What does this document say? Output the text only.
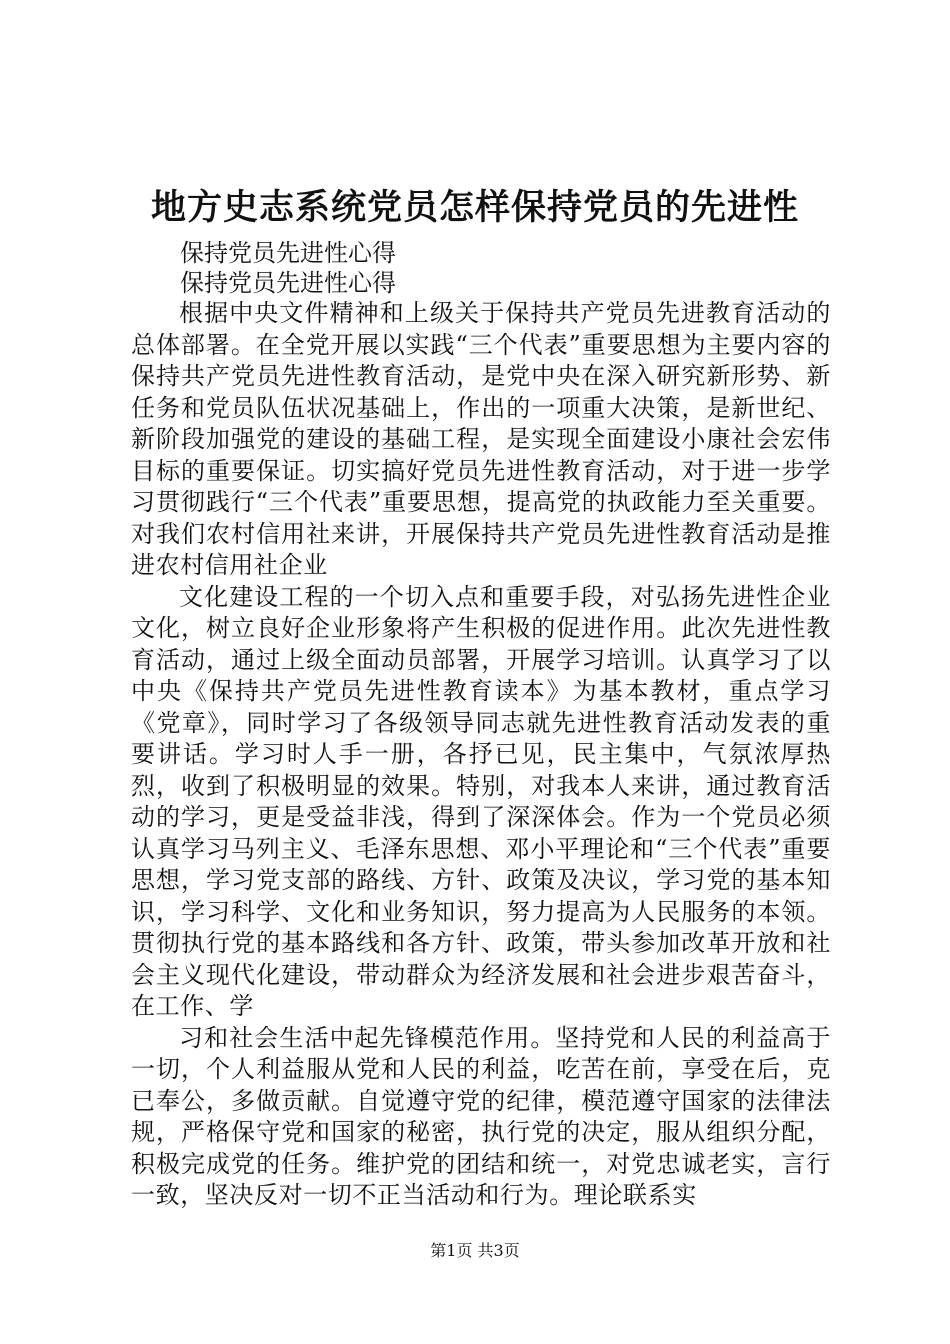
地方史志系统党员怎样保持党员的先进性
保持党员先进性心得
保持党员先进性心得

根据中央文件精神和上级关于保持共产党员先进教育活动的总体部署。在全党开展以实践“三个代表”重要思想为主要内容的保持共产党员先进性教育活动，是党中央在深入研究新形势、新任务和党员队伍状况基础上，作出的一项重大决策，是新世纪、新阶段加强党的建设的基础工程，是实现全面建设小康社会宏伟目标的重要保证。切实搞好党员先进性教育活动，对于进一步学习贯彻践行“三个代表”重要思想，提高党的执政能力至关重要。对我们农村信用社来讲，开展保持共产党员先进性教育活动是推进农村信用社企业

文化建设工程的一个切入点和重要手段，对弘扬先进性企业文化，树立良好企业形象将产生积极的促进作用。此次先进性教育活动，通过上级全面动员部署，开展学习培训。认真学习了以中央《保持共产党员先进性教育读本》为基本教材，重点学习《党章》，同时学习了各级领导同志就先进性教育活动发表的重要讲话。学习时人手一册，各抒已见，民主集中，气氛浓厚热烈，收到了积极明显的效果。特别，对我本人来讲，通过教育活动的学习，更是受益非浅，得到了深深体会。作为一个党员必须认真学习马列主义、毛泽东思想、邓小平理论和“三个代表”重要思想，学习党支部的路线、方针、政策及决议，学习党的基本知识，学习科学、文化和业务知识，努力提高为人民服务的本领。贯彻执行党的基本路线和各方针、政策，带头参加改革开放和社会主义现代化建设，带动群众为经济发展和社会进步艰苦奋斗，在工作、学

习和社会生活中起先锋模范作用。坚持党和人民的利益高于一切，个人利益服从党和人民的利益，吃苦在前，享受在后，克已奉公，多做贡献。自觉遵守党的纪律，模范遵守国家的法律法规，严格保守党和国家的秘密，执行党的决定，服从组织分配，积极完成党的任务。维护党的团结和统一，对党忠诚老实，言行一致，坚决反对一切不正当活动和行为。理论联系实

第1页 共3页
